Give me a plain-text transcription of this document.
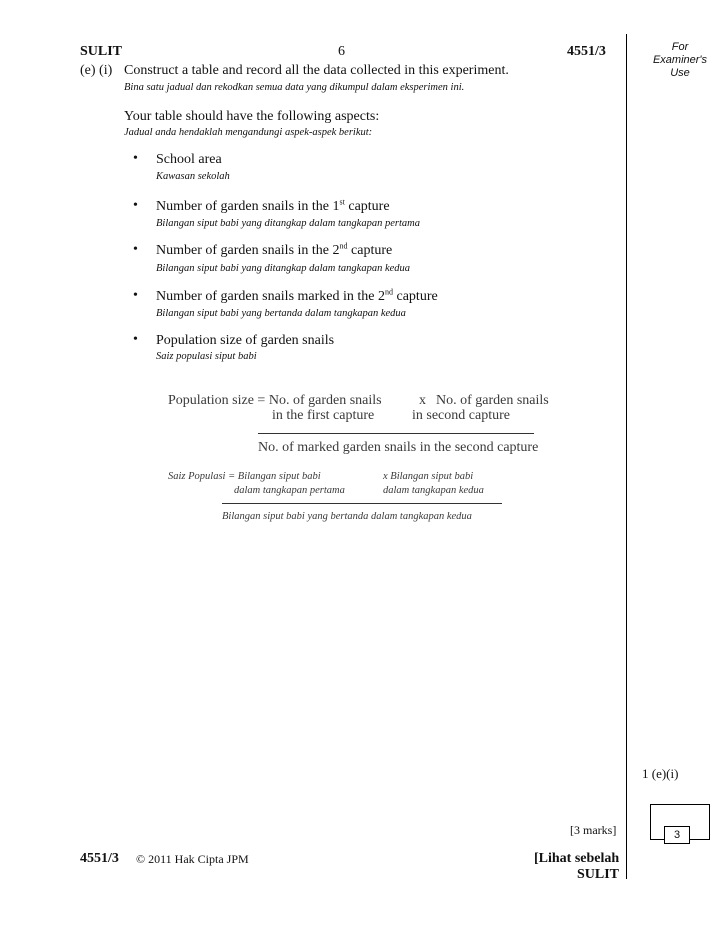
SULIT	6	4551/3	For
Examiner's
Use
(e) (i) Construct a table and record all the data collected in this experiment.
Bina satu jadual dan rekodkan semua data yang dikumpul dalam eksperimen ini.
Your table should have the following aspects:
Jadual anda hendaklah mengandungi aspek-aspek berikut:
• School area
Kawasan sekolah
• Number of garden snails in the 1st capture
Bilangan siput babi yang ditangkap dalam tangkapan pertama
• Number of garden snails in the 2nd capture
Bilangan siput babi yang ditangkap dalam tangkapan kedua
• Number of garden snails marked in the 2nd capture
Bilangan siput babi yang bertanda dalam tangkapan kedua
• Population size of garden snails
Saiz populasi siput babi
Population size = No. of garden snails	x No. of garden snails
in the first capture	in second capture
No. of marked garden snails in the second capture
Saiz Populasi = Bilangan siput babi
dalam tangkapan pertama
x Bilangan siput babi
dalam tangkapan kedua
Bilangan siput babi yang bertanda dalam tangkapan kedua
1 (e)(i)
[3 marks]	3
4551/3 © 2011 Hak Cipta JPM	[Lihat sebelah
SULIT
